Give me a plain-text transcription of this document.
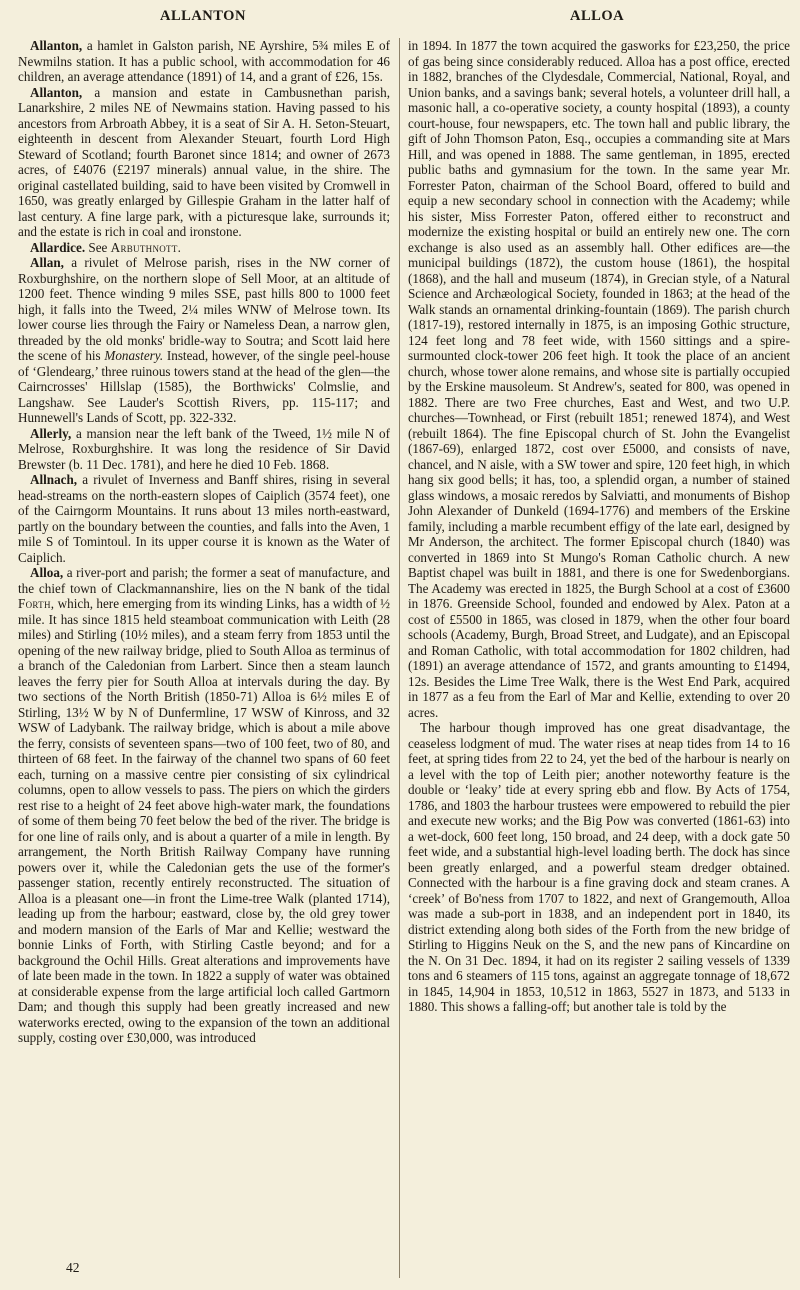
ALLANTON	ALLOA

Allanton, a hamlet in Galston parish, NE Ayrshire, 5¾ miles E of Newmilns station. It has a public school, with accommodation for 46 children, an average attendance (1891) of 14, and a grant of £26, 15s.

Allanton, a mansion and estate in Cambusnethan parish, Lanarkshire, 2 miles NE of Newmains station. Having passed to his ancestors from Arbroath Abbey, it is a seat of Sir A. H. Seton-Steuart, eighteenth in descent from Alexander Steuart, fourth Lord High Steward of Scotland; fourth Baronet since 1814; and owner of 2673 acres, of £4076 (£2197 minerals) annual value, in the shire. The original castellated building, said to have been visited by Cromwell in 1650, was greatly enlarged by Gillespie Graham in the latter half of last century. A fine large park, with a picturesque lake, surrounds it; and the estate is rich in coal and ironstone.

Allardice. See Arbuthnott.

Allan, a rivulet of Melrose parish, rises in the NW corner of Roxburghshire, on the northern slope of Sell Moor, at an altitude of 1200 feet. Thence winding 9 miles SSE, past hills 800 to 1000 feet high, it falls into the Tweed, 2¼ miles WNW of Melrose town. Its lower course lies through the Fairy or Nameless Dean, a narrow glen, threaded by the old monks' bridle-way to Soutra; and Scott laid here the scene of his Monastery. Instead, however, of the single peel-house of ‘Glendearg,’ three ruinous towers stand at the head of the glen—the Cairncrosses' Hillslap (1585), the Borthwicks' Colmslie, and Langshaw. See Lauder's Scottish Rivers, pp. 115-117; and Hunnewell's Lands of Scott, pp. 322-332.

Allerly, a mansion near the left bank of the Tweed, 1½ mile N of Melrose, Roxburghshire. It was long the residence of Sir David Brewster (b. 11 Dec. 1781), and here he died 10 Feb. 1868.

Allnach, a rivulet of Inverness and Banff shires, rising in several head-streams on the north-eastern slopes of Caiplich (3574 feet), one of the Cairngorm Mountains. It runs about 13 miles north-eastward, partly on the boundary between the counties, and falls into the Aven, 1 mile S of Tomintoul. In its upper course it is known as the Water of Caiplich.

Alloa, a river-port and parish; the former a seat of manufacture, and the chief town of Clackmannanshire, lies on the N bank of the tidal Forth, which, here emerging from its winding Links, has a width of ½ mile. It has since 1815 held steamboat communication with Leith (28 miles) and Stirling (10½ miles), and a steam ferry from 1853 until the opening of the new railway bridge, plied to South Alloa as terminus of a branch of the Caledonian from Larbert. Since then a steam launch leaves the ferry pier for South Alloa at intervals during the day. By two sections of the North British (1850-71) Alloa is 6½ miles E of Stirling, 13½ W by N of Dunfermline, 17 WSW of Kinross, and 32 WSW of Ladybank. The railway bridge, which is about a mile above the ferry, consists of seventeen spans—two of 100 feet, two of 80, and thirteen of 68 feet. In the fairway of the channel two spans of 60 feet each, turning on a massive centre pier consisting of six cylindrical columns, open to allow vessels to pass. The piers on which the girders rest rise to a height of 24 feet above high-water mark, the foundations of some of them being 70 feet below the bed of the river. The bridge is for one line of rails only, and is about a quarter of a mile in length. By arrangement, the North British Railway Company have running powers over it, while the Caledonian gets the use of the former's passenger station, recently entirely reconstructed. The situation of Alloa is a pleasant one—in front the Lime-tree Walk (planted 1714), leading up from the harbour; eastward, close by, the old grey tower and modern mansion of the Earls of Mar and Kellie; westward the bonnie Links of Forth, with Stirling Castle beyond; and for a background the Ochil Hills. Great alterations and improvements have of late been made in the town. In 1822 a supply of water was obtained at considerable expense from the large artificial loch called Gartmorn Dam; and though this supply had been greatly increased and new waterworks erected, owing to the expansion of the town an additional supply, costing over £30,000, was introduced

in 1894. In 1877 the town acquired the gasworks for £23,250, the price of gas being since considerably reduced. Alloa has a post office, erected in 1882, branches of the Clydesdale, Commercial, National, Royal, and Union banks, and a savings bank; several hotels, a volunteer drill hall, a masonic hall, a co-operative society, a county hospital (1893), a county court-house, four newspapers, etc. The town hall and public library, the gift of John Thomson Paton, Esq., occupies a commanding site at Mars Hill, and was opened in 1888. The same gentleman, in 1895, erected public baths and gymnasium for the town. In the same year Mr. Forrester Paton, chairman of the School Board, offered to build and equip a new secondary school in connection with the Academy; while his sister, Miss Forrester Paton, offered either to reconstruct and modernize the existing hospital or build an entirely new one. The corn exchange is also used as an assembly hall. Other edifices are—the municipal buildings (1872), the custom house (1861), the hospital (1868), and the hall and museum (1874), in Grecian style, of a Natural Science and Archæological Society, founded in 1863; at the head of the Walk stands an ornamental drinking-fountain (1869). The parish church (1817-19), restored internally in 1875, is an imposing Gothic structure, 124 feet long and 78 feet wide, with 1560 sittings and a spire-surmounted clock-tower 206 feet high. It took the place of an ancient church, whose tower alone remains, and whose site is partially occupied by the Erskine mausoleum. St Andrew's, seated for 800, was opened in 1882. There are two Free churches, East and West, and two U.P. churches—Townhead, or First (rebuilt 1851; renewed 1874), and West (rebuilt 1864). The fine Episcopal church of St. John the Evangelist (1867-69), enlarged 1872, cost over £5000, and consists of nave, chancel, and N aisle, with a SW tower and spire, 120 feet high, in which hang six good bells; it has, too, a splendid organ, a number of stained glass windows, a mosaic reredos by Salviatti, and monuments of Bishop John Alexander of Dunkeld (1694-1776) and members of the Erskine family, including a marble recumbent effigy of the late earl, designed by Mr Anderson, the architect. The former Episcopal church (1840) was converted in 1869 into St Mungo's Roman Catholic church. A new Baptist chapel was built in 1881, and there is one for Swedenborgians. The Academy was erected in 1825, the Burgh School at a cost of £3600 in 1876. Greenside School, founded and endowed by Alex. Paton at a cost of £5500 in 1865, was closed in 1879, when the other four board schools (Academy, Burgh, Broad Street, and Ludgate), and an Episcopal and Roman Catholic, with total accommodation for 1802 children, had (1891) an average attendance of 1572, and grants amounting to £1494, 12s. Besides the Lime Tree Walk, there is the West End Park, acquired in 1877 as a feu from the Earl of Mar and Kellie, extending to over 20 acres.

The harbour though improved has one great disadvantage, the ceaseless lodgment of mud. The water rises at neap tides from 14 to 16 feet, at spring tides from 22 to 24, yet the bed of the harbour is nearly on a level with the top of Leith pier; another noteworthy feature is the double or ‘leaky’ tide at every spring ebb and flow. By Acts of 1754, 1786, and 1803 the harbour trustees were empowered to rebuild the pier and execute new works; and the Big Pow was converted (1861-63) into a wet-dock, 600 feet long, 150 broad, and 24 deep, with a dock gate 50 feet wide, and a substantial high-level loading berth. The dock has since been greatly enlarged, and a powerful steam dredger obtained. Connected with the harbour is a fine graving dock and steam cranes. A ‘creek’ of Bo'ness from 1707 to 1822, and next of Grangemouth, Alloa was made a sub-port in 1838, and an independent port in 1840, its district extending along both sides of the Forth from the new bridge of Stirling to Higgins Neuk on the S, and the new pans of Kincardine on the N. On 31 Dec. 1894, it had on its register 2 sailing vessels of 1339 tons and 6 steamers of 115 tons, against an aggregate tonnage of 18,672 in 1845, 14,904 in 1853, 10,512 in 1863, 5527 in 1873, and 5133 in 1880. This shows a falling-off; but another tale is told by the

42
